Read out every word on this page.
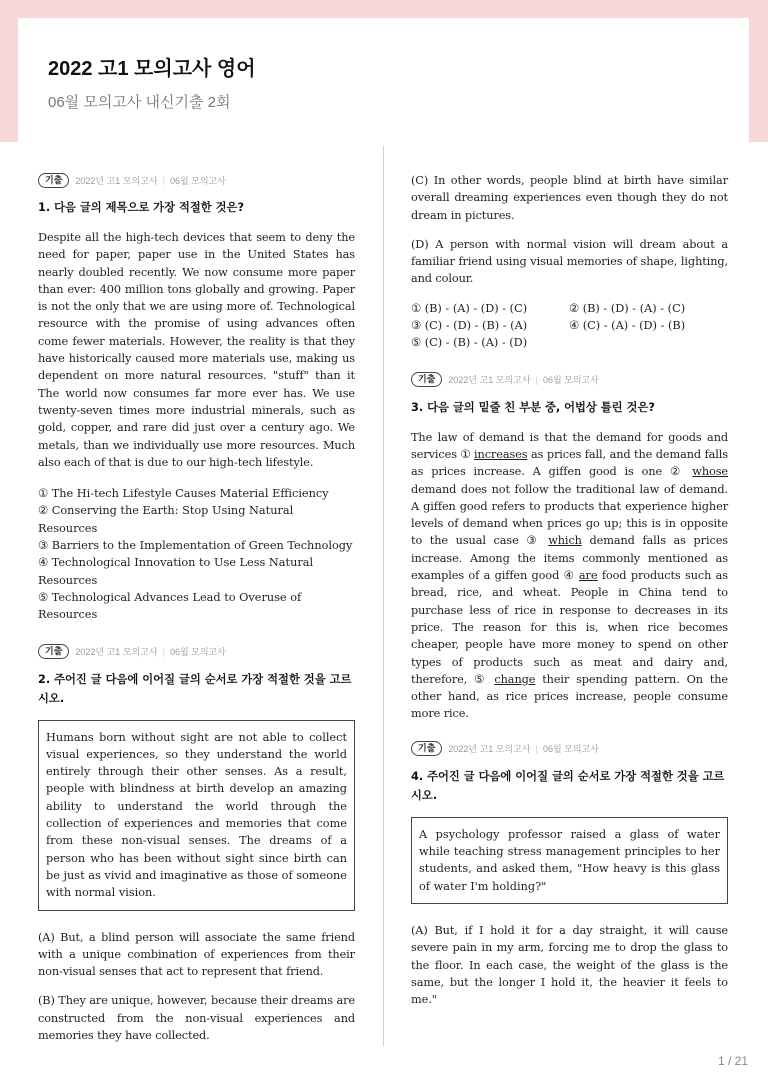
2022 고1 모의고사 영어
06월 모의고사 내신기출 2회
기출	2022년 고1 모의고사 | 06월 모의고사
1. 다음 글의 제목으로 가장 적절한 것은?
Despite all the high-tech devices that seem to deny the need for paper, paper use in the United States has nearly doubled recently. We now consume more paper than ever: 400 million tons globally and growing. Paper is not the only that we are using more of. Technological resource with the promise of using advances often come fewer materials. However, the reality is that they have historically caused more materials use, making us dependent on more natural resources. "stuff" than it The world now consumes far more ever has. We use twenty-seven times more industrial minerals, such as gold, copper, and rare did just over a century ago. We metals, than we individually use more resources. Much also each of that is due to our high-tech lifestyle.
① The Hi-tech Lifestyle Causes Material Efficiency
② Conserving the Earth: Stop Using Natural Resources
③ Barriers to the Implementation of Green Technology
④ Technological Innovation to Use Less Natural Resources
⑤ Technological Advances Lead to Overuse of Resources
기출	2022년 고1 모의고사 | 06월 모의고사
2. 주어진 글 다음에 이어질 글의 순서로 가장 적절한 것을 고르시오.
Humans born without sight are not able to collect visual experiences, so they understand the world entirely through their other senses. As a result, people with blindness at birth develop an amazing ability to understand the world through the collection of experiences and memories that come from these non-visual senses. The dreams of a person who has been without sight since birth can be just as vivid and imaginative as those of someone with normal vision.
(A) But, a blind person will associate the same friend with a unique combination of experiences from their non-visual senses that act to represent that friend.
(B) They are unique, however, because their dreams are constructed from the non-visual experiences and memories they have collected.
(C) In other words, people blind at birth have similar overall dreaming experiences even though they do not dream in pictures.
(D) A person with normal vision will dream about a familiar friend using visual memories of shape, lighting, and colour.
① (B) - (A) - (D) - (C)	② (B) - (D) - (A) - (C)
③ (C) - (D) - (B) - (A)	④ (C) - (A) - (D) - (B)
⑤ (C) - (B) - (A) - (D)
기출	2022년 고1 모의고사 | 06월 모의고사
3. 다음 글의 밑줄 친 부분 중, 어법상 틀린 것은?
The law of demand is that the demand for goods and services ① increases as prices fall, and the demand falls as prices increase. A giffen good is one ② whose demand does not follow the traditional law of demand. A giffen good refers to products that experience higher levels of demand when prices go up; this is in opposite to the usual case ③ which demand falls as prices increase. Among the items commonly mentioned as examples of a giffen good ④ are food products such as bread, rice, and wheat. People in China tend to purchase less of rice in response to decreases in its price. The reason for this is, when rice becomes cheaper, people have more money to spend on other types of products such as meat and dairy and, therefore, ⑤ change their spending pattern. On the other hand, as rice prices increase, people consume more rice.
기출	2022년 고1 모의고사 | 06월 모의고사
4. 주어진 글 다음에 이어질 글의 순서로 가장 적절한 것을 고르시오.
A psychology professor raised a glass of water while teaching stress management principles to her students, and asked them, "How heavy is this glass of water I'm holding?"
(A) But, if I hold it for a day straight, it will cause severe pain in my arm, forcing me to drop the glass to the floor. In each case, the weight of the glass is the same, but the longer I hold it, the heavier it feels to me."
1 / 21
